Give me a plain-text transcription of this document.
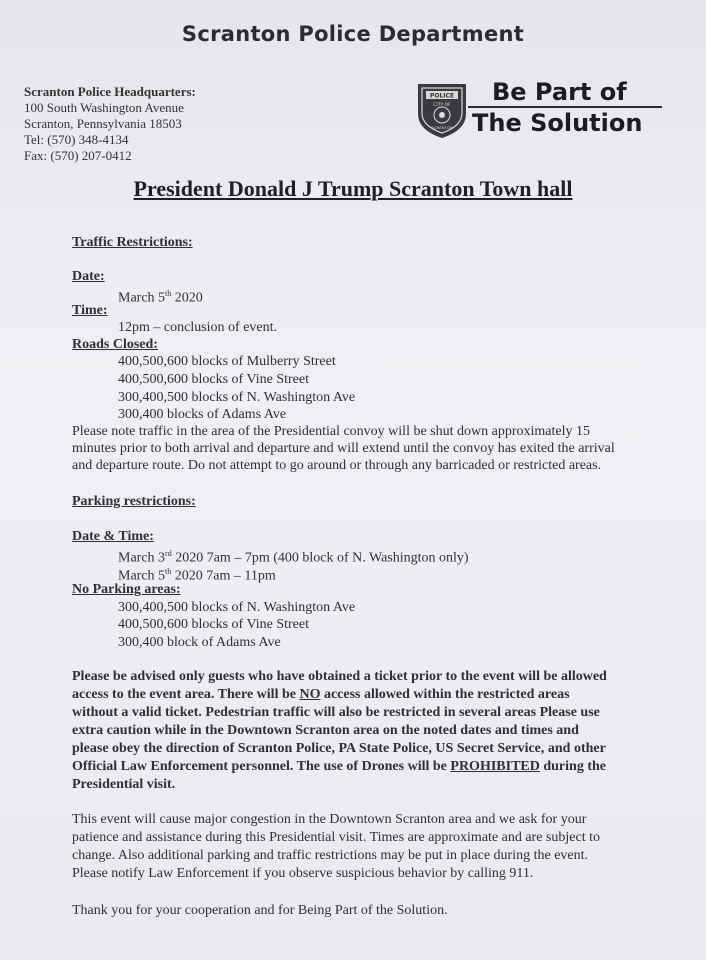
Scranton Police Department
Scranton Police Headquarters:
100 South Washington Avenue
Scranton, Pennsylvania 18503
Tel: (570) 348-4134
Fax: (570) 207-0412
POLICE
CITY OF
SCRANTON
Be Part of
The Solution
President Donald J Trump Scranton Town hall
Traffic Restrictions:
Date:
March 5th 2020
Time:
12pm – conclusion of event.
Roads Closed:
400,500,600 blocks of Mulberry Street
400,500,600 blocks of Vine Street
300,400,500 blocks of N. Washington Ave
300,400 blocks of Adams Ave
Please note traffic in the area of the Presidential convoy will be shut down approximately 15
minutes prior to both arrival and departure and will extend until the convoy has exited the arrival
and departure route. Do not attempt to go around or through any barricaded or restricted areas.
Parking restrictions:
Date & Time:
March 3rd 2020 7am – 7pm (400 block of N. Washington only)
March 5th 2020 7am – 11pm
No Parking areas:
300,400,500 blocks of N. Washington Ave
400,500,600 blocks of Vine Street
300,400 block of Adams Ave
Please be advised only guests who have obtained a ticket prior to the event will be allowed
access to the event area. There will be NO access allowed within the restricted areas
without a valid ticket. Pedestrian traffic will also be restricted in several areas Please use
extra caution while in the Downtown Scranton area on the noted dates and times and
please obey the direction of Scranton Police, PA State Police, US Secret Service, and other
Official Law Enforcement personnel. The use of Drones will be PROHIBITED during the
Presidential visit.
This event will cause major congestion in the Downtown Scranton area and we ask for your
patience and assistance during this Presidential visit. Times are approximate and are subject to
change. Also additional parking and traffic restrictions may be put in place during the event.
Please notify Law Enforcement if you observe suspicious behavior by calling 911.
Thank you for your cooperation and for Being Part of the Solution.
